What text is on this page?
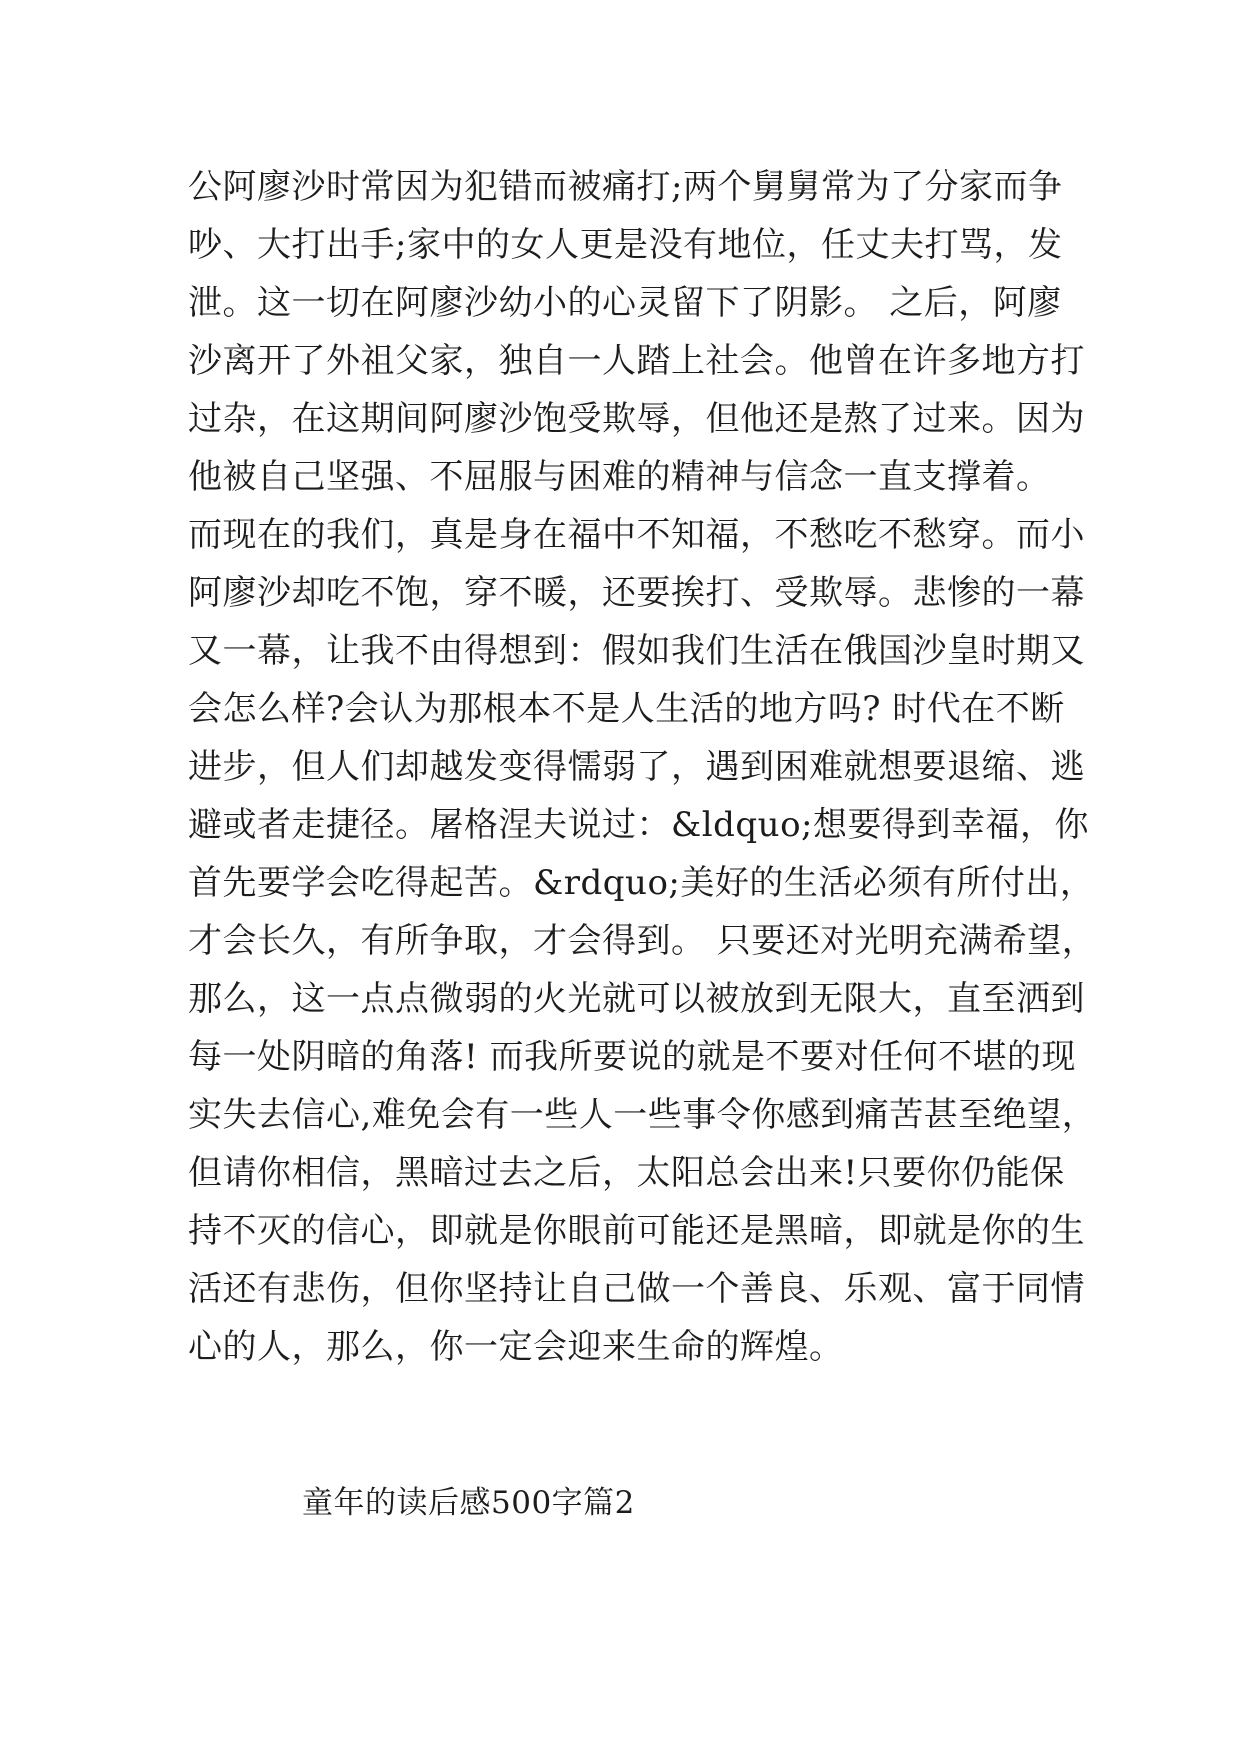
公阿廖沙时常因为犯错而被痛打;两个舅舅常为了分家而争
吵、大打出手;家中的女人更是没有地位，任丈夫打骂，发
泄。这一切在阿廖沙幼小的心灵留下了阴影。 之后，阿廖
沙离开了外祖父家，独自一人踏上社会。他曾在许多地方打
过杂，在这期间阿廖沙饱受欺辱，但他还是熬了过来。因为
他被自己坚强、不屈服与困难的精神与信念一直支撑着。
而现在的我们，真是身在福中不知福，不愁吃不愁穿。而小
阿廖沙却吃不饱，穿不暖，还要挨打、受欺辱。悲惨的一幕
又一幕，让我不由得想到：假如我们生活在俄国沙皇时期又
会怎么样?会认为那根本不是人生活的地方吗? 时代在不断
进步，但人们却越发变得懦弱了，遇到困难就想要退缩、逃
避或者走捷径。屠格涅夫说过：&ldquo;想要得到幸福，你
首先要学会吃得起苦。&rdquo;美好的生活必须有所付出，
才会长久，有所争取，才会得到。 只要还对光明充满希望，
那么，这一点点微弱的火光就可以被放到无限大，直至洒到
每一处阴暗的角落! 而我所要说的就是不要对任何不堪的现
实失去信心,难免会有一些人一些事令你感到痛苦甚至绝望，
但请你相信，黑暗过去之后，太阳总会出来!只要你仍能保
持不灭的信心，即就是你眼前可能还是黑暗，即就是你的生
活还有悲伤，但你坚持让自己做一个善良、乐观、富于同情
心的人，那么，你一定会迎来生命的辉煌。
童年的读后感500字篇2
